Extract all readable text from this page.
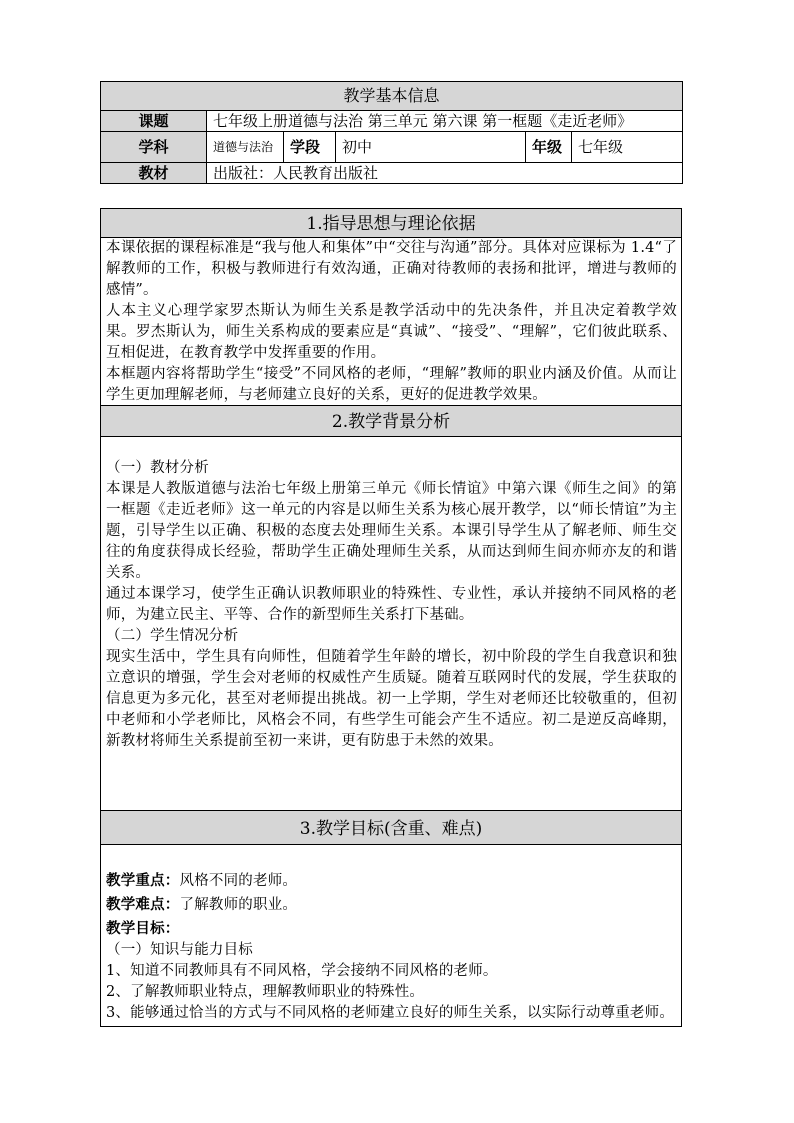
教学基本信息					
课题	七年级上册道德与法治 第三单元 第六课 第一框题《走近老师》				
学科	道德与法治	学段	初中	年级	七年级
教材	出版社：人民教育出版社				
1.指导思想与理论依据

本课依据的课程标准是“我与他人和集体”中“交往与沟通”部分。具体对应课标为 1.4“了解教师的工作，积极与教师进行有效沟通，正确对待教师的表扬和批评，增进与教师的感情”。

人本主义心理学家罗杰斯认为师生关系是教学活动中的先决条件，并且决定着教学效果。罗杰斯认为，师生关系构成的要素应是“真诚”、“接受”、“理解”，它们彼此联系、互相促进，在教育教学中发挥重要的作用。

本框题内容将帮助学生“接受”不同风格的老师，“理解”教师的职业内涵及价值。从而让学生更加理解老师，与老师建立良好的关系，更好的促进教学效果。

2.教学背景分析

（一）教材分析

本课是人教版道德与法治七年级上册第三单元《师长情谊》中第六课《师生之间》的第一框题《走近老师》这一单元的内容是以师生关系为核心展开教学，以“师长情谊”为主题，引导学生以正确、积极的态度去处理师生关系。本课引导学生从了解老师、师生交往的角度获得成长经验，帮助学生正确处理师生关系，从而达到师生间亦师亦友的和谐关系。

通过本课学习，使学生正确认识教师职业的特殊性、专业性，承认并接纳不同风格的老师，为建立民主、平等、合作的新型师生关系打下基础。

（二）学生情况分析

现实生活中，学生具有向师性，但随着学生年龄的增长，初中阶段的学生自我意识和独立意识的增强，学生会对老师的权威性产生质疑。随着互联网时代的发展，学生获取的信息更为多元化，甚至对老师提出挑战。初一上学期，学生对老师还比较敬重的，但初中老师和小学老师比，风格会不同，有些学生可能会产生不适应。初二是逆反高峰期，新教材将师生关系提前至初一来讲，更有防患于未然的效果。

3.教学目标(含重、难点)

教学重点：风格不同的老师。

教学难点：了解教师的职业。

教学目标：

（一）知识与能力目标

1、知道不同教师具有不同风格，学会接纳不同风格的老师。

2、了解教师职业特点，理解教师职业的特殊性。

3、能够通过恰当的方式与不同风格的老师建立良好的师生关系，以实际行动尊重老师。
